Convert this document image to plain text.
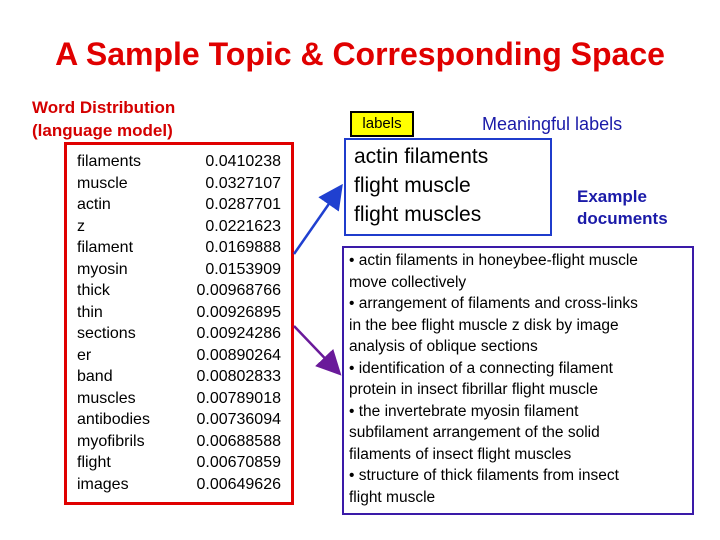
A Sample Topic & Corresponding Space
Word Distribution
(language model)
filaments	0.0410238
muscle	0.0327107
actin	0.0287701
z	0.0221623
filament	0.0169888
myosin	0.0153909
thick	0.00968766
thin	0.00926895
sections	0.00924286
er	0.00890264
band	0.00802833
muscles	0.00789018
antibodies	0.00736094
myofibrils	0.00688588
flight	0.00670859
images	0.00649626
labels	Meaningful labels
actin filaments
flight muscle
flight muscles
Example
documents
• actin filaments in honeybee-flight muscle
move collectively
• arrangement of filaments and cross-links
in the bee flight muscle z disk by image
analysis of oblique sections
• identification of a connecting filament
protein in insect fibrillar flight muscle
• the invertebrate myosin filament
subfilament arrangement of the solid
filaments of insect flight muscles
• structure of thick filaments from insect
flight muscle
